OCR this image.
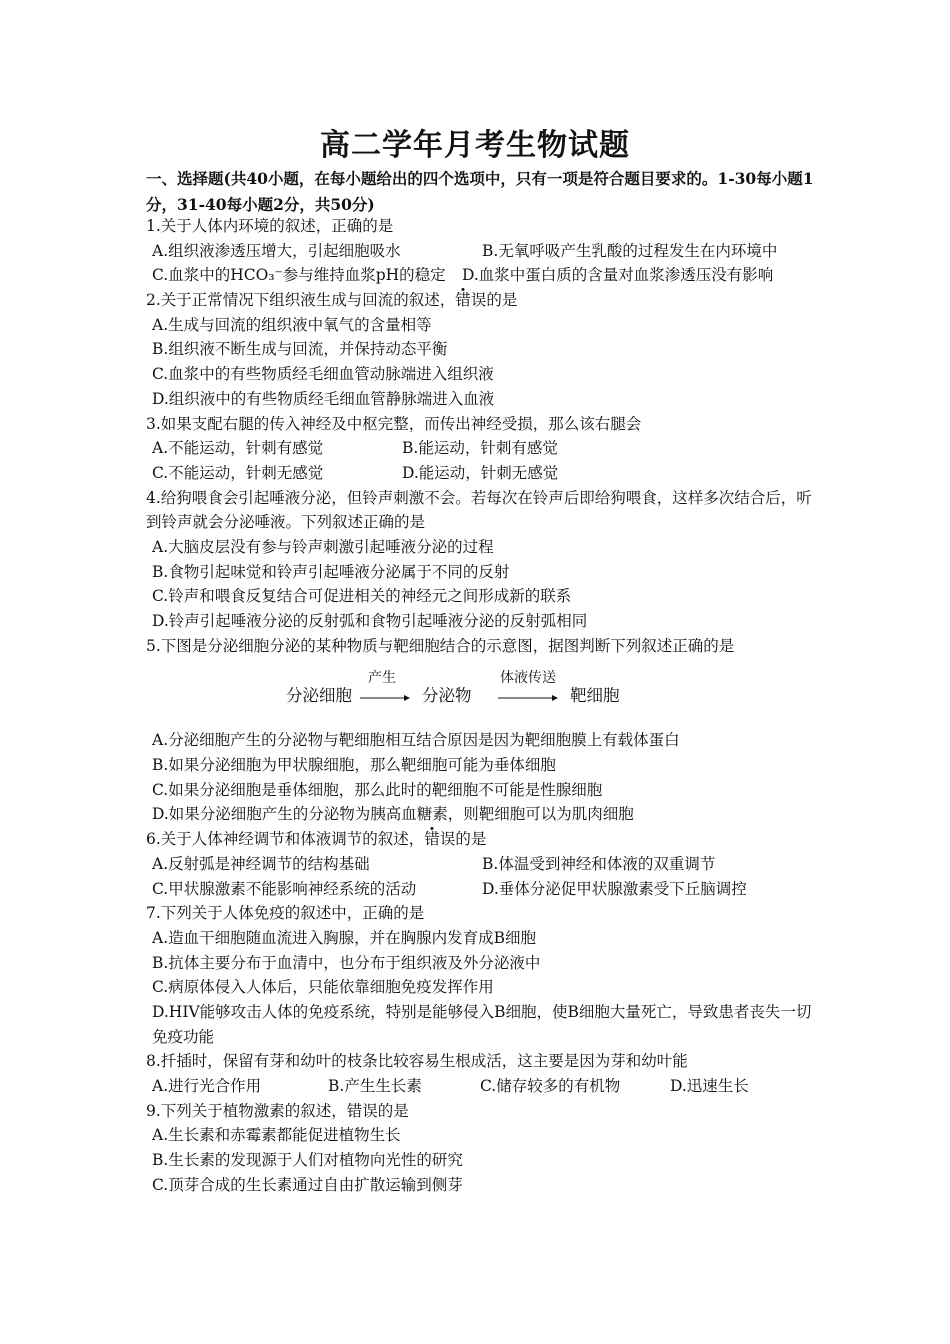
高二学年月考生物试题
一、选择题(共40小题，在每小题给出的四个选项中，只有一项是符合题目要求的。1-30每小题1 分，31-40每小题2分，共50分)
1.关于人体内环境的叙述，正确的是
A.组织液渗透压增大，引起细胞吸水	B.无氧呼吸产生乳酸的过程发生在内环境中
C.血浆中的HCO₃⁻参与维持血浆pH的稳定	D.血浆中蛋白质的含量对血浆渗透压没有影响
2.关于正常情况下组织液生成与回流的叙述，错误的是
A.生成与回流的组织液中氧气的含量相等
B.组织液不断生成与回流，并保持动态平衡
C.血浆中的有些物质经毛细血管动脉端进入组织液
D.组织液中的有些物质经毛细血管静脉端进入血液
3.如果支配右腿的传入神经及中枢完整，而传出神经受损，那么该右腿会
A.不能运动，针刺有感觉	B.能运动，针刺有感觉
C.不能运动，针刺无感觉	D.能运动，针刺无感觉
4.给狗喂食会引起唾液分泌，但铃声刺激不会。若每次在铃声后即给狗喂食，这样多次结合后，听到铃声就会分泌唾液。下列叙述正确的是
A.大脑皮层没有参与铃声刺激引起唾液分泌的过程
B.食物引起味觉和铃声引起唾液分泌属于不同的反射
C.铃声和喂食反复结合可促进相关的神经元之间形成新的联系
D.铃声引起唾液分泌的反射弧和食物引起唾液分泌的反射弧相同
5.下图是分泌细胞分泌的某种物质与靶细胞结合的示意图，据图判断下列叙述正确的是
分泌细胞
产生
分泌物
体液传送
靶细胞
A.分泌细胞产生的分泌物与靶细胞相互结合原因是因为靶细胞膜上有载体蛋白
B.如果分泌细胞为甲状腺细胞，那么靶细胞可能为垂体细胞
C.如果分泌细胞是垂体细胞，那么此时的靶细胞不可能是性腺细胞
D.如果分泌细胞产生的分泌物为胰高血糖素，则靶细胞可以为肌肉细胞
6.关于人体神经调节和体液调节的叙述，错误的是
A.反射弧是神经调节的结构基础	B.体温受到神经和体液的双重调节
C.甲状腺激素不能影响神经系统的活动	D.垂体分泌促甲状腺激素受下丘脑调控
7.下列关于人体免疫的叙述中，正确的是
A.造血干细胞随血流进入胸腺，并在胸腺内发育成B细胞
B.抗体主要分布于血清中，也分布于组织液及外分泌液中
C.病原体侵入人体后，只能依靠细胞免疫发挥作用
D.HIV能够攻击人体的免疫系统，特别是能够侵入B细胞，使B细胞大量死亡，导致患者丧失一切免疫功能
8.扦插时，保留有芽和幼叶的枝条比较容易生根成活，这主要是因为芽和幼叶能
A.进行光合作用	B.产生生长素	C.储存较多的有机物	D.迅速生长
9.下列关于植物激素的叙述，错误的是
A.生长素和赤霉素都能促进植物生长
B.生长素的发现源于人们对植物向光性的研究
C.顶芽合成的生长素通过自由扩散运输到侧芽
